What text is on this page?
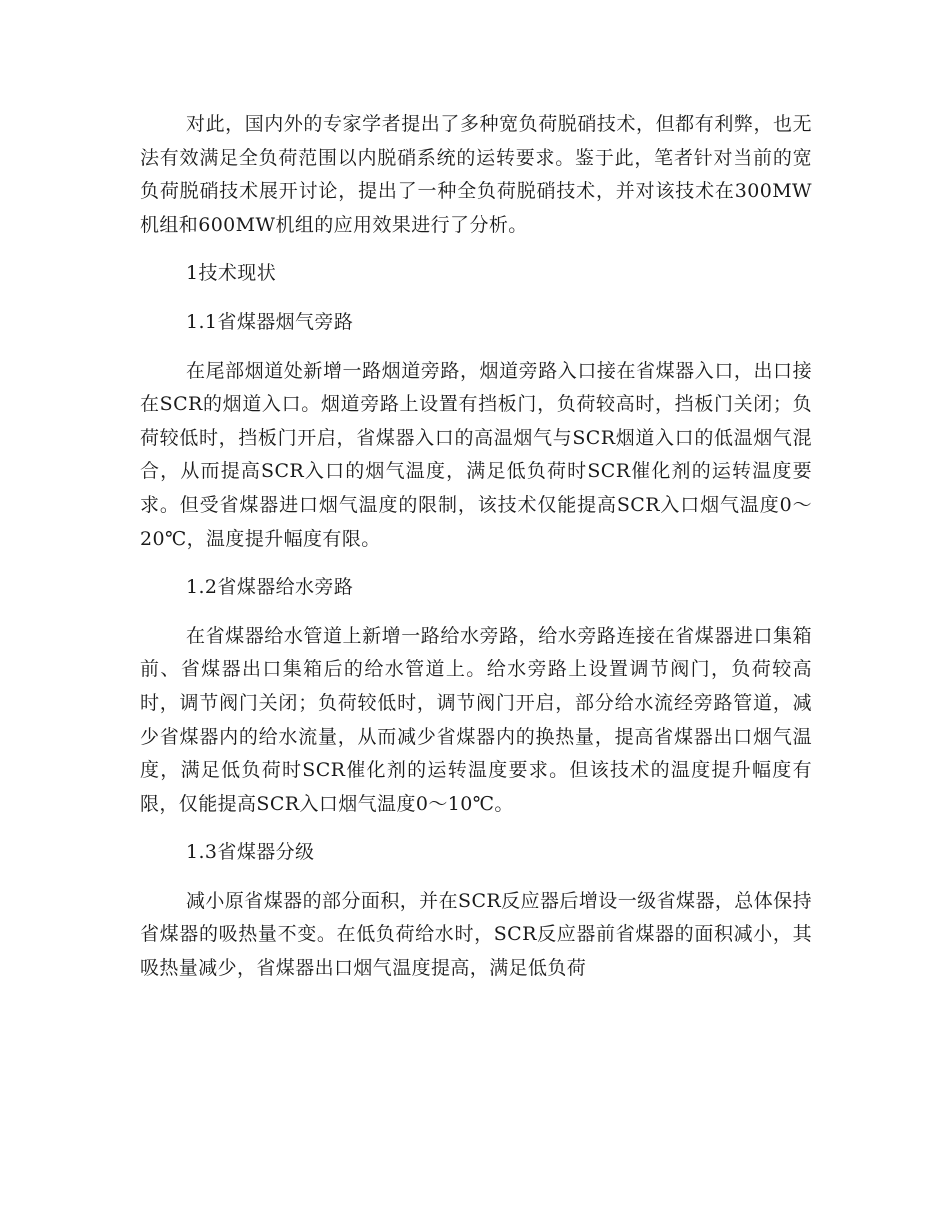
对此，国内外的专家学者提出了多种宽负荷脱硝技术，但都有利弊，也无法有效满足全负荷范围以内脱硝系统的运转要求。鉴于此，笔者针对当前的宽负荷脱硝技术展开讨论，提出了一种全负荷脱硝技术，并对该技术在300MW机组和600MW机组的应用效果进行了分析。

1技术现状

1.1省煤器烟气旁路

在尾部烟道处新增一路烟道旁路，烟道旁路入口接在省煤器入口，出口接在SCR的烟道入口。烟道旁路上设置有挡板门，负荷较高时，挡板门关闭；负荷较低时，挡板门开启，省煤器入口的高温烟气与SCR烟道入口的低温烟气混合，从而提高SCR入口的烟气温度，满足低负荷时SCR催化剂的运转温度要求。但受省煤器进口烟气温度的限制，该技术仅能提高SCR入口烟气温度0～20℃，温度提升幅度有限。

1.2省煤器给水旁路

在省煤器给水管道上新增一路给水旁路，给水旁路连接在省煤器进口集箱前、省煤器出口集箱后的给水管道上。给水旁路上设置调节阀门，负荷较高时，调节阀门关闭；负荷较低时，调节阀门开启，部分给水流经旁路管道，减少省煤器内的给水流量，从而减少省煤器内的换热量，提高省煤器出口烟气温度，满足低负荷时SCR催化剂的运转温度要求。但该技术的温度提升幅度有限，仅能提高SCR入口烟气温度0～10℃。

1.3省煤器分级

减小原省煤器的部分面积，并在SCR反应器后增设一级省煤器，总体保持省煤器的吸热量不变。在低负荷给水时，SCR反应器前省煤器的面积减小，其吸热量减少，省煤器出口烟气温度提高，满足低负荷
